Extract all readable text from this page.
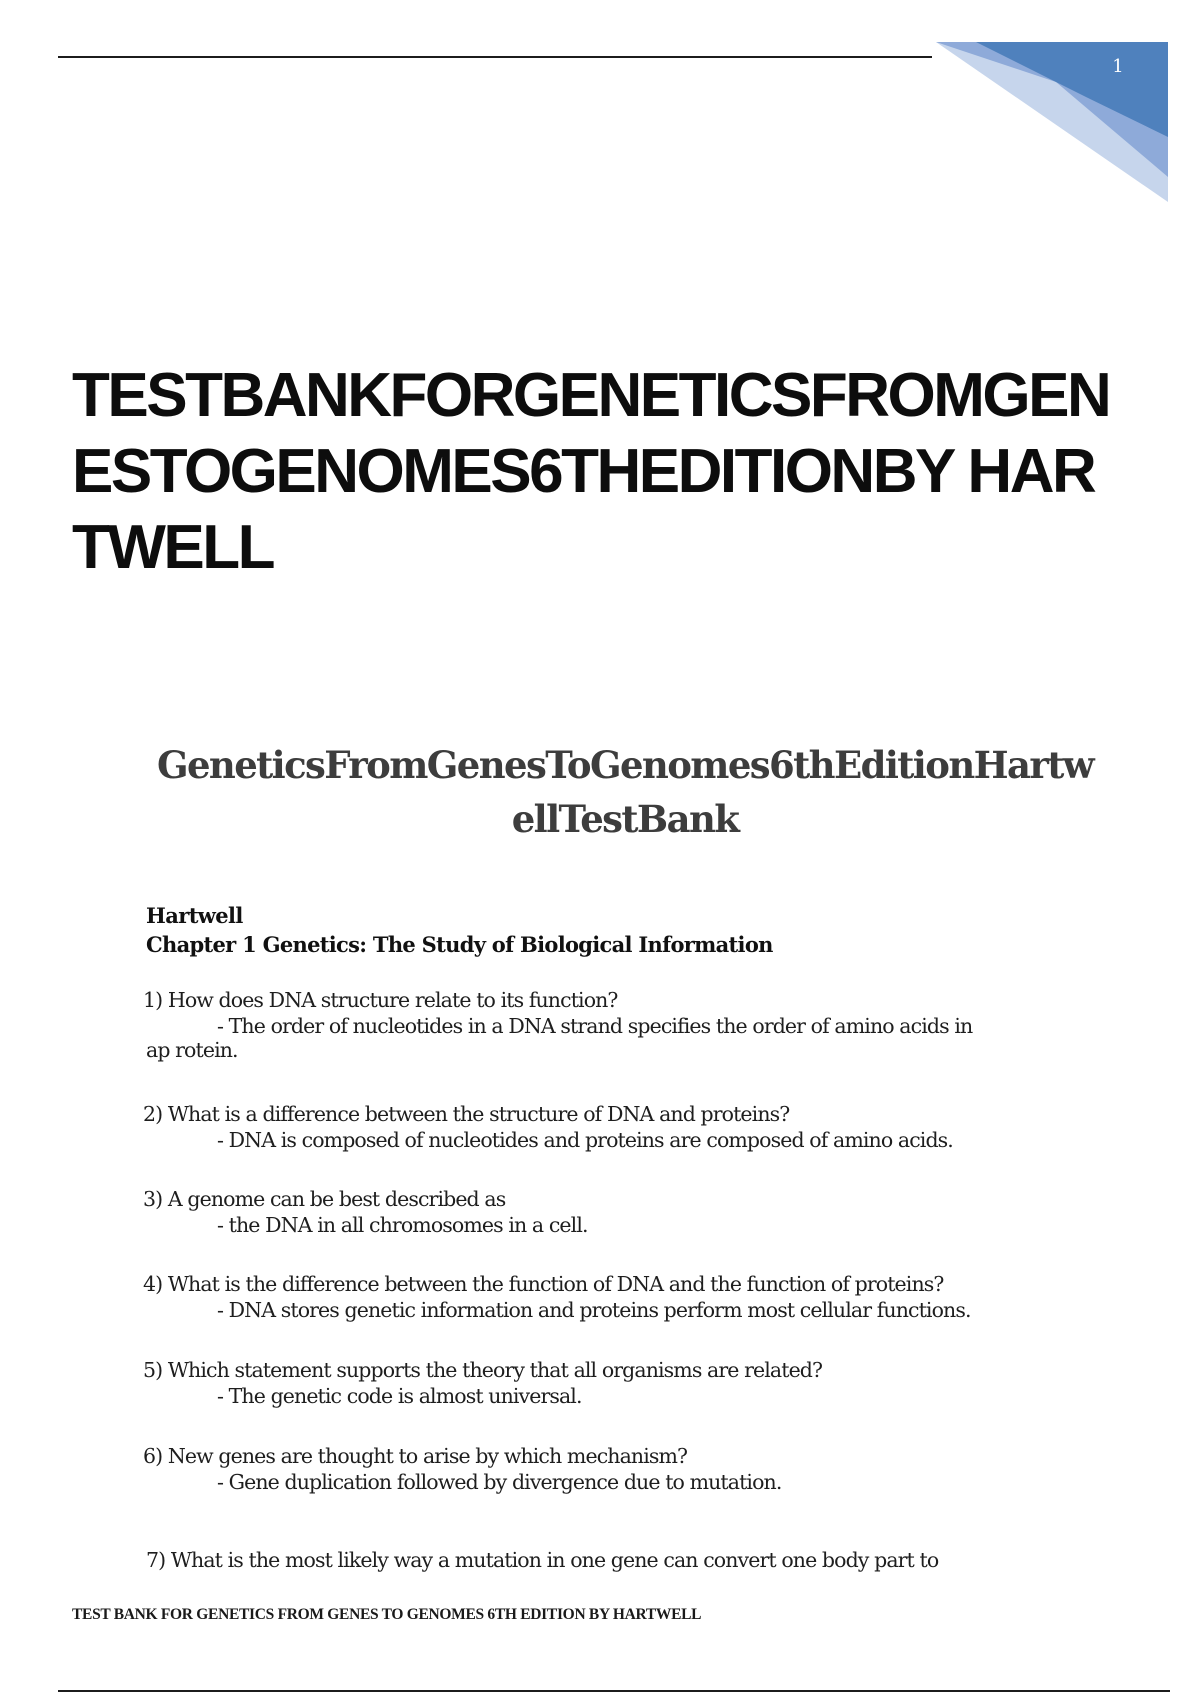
1
TESTBANKFORGENETICSFROMGENESTOGENOMES6THEDITIONBY HARTWELL
GeneticsFromGenesToGenomes6thEditionHartwellTestBank
Hartwell
Chapter 1 Genetics: The Study of Biological Information
1) How does DNA structure relate to its function?
- The order of nucleotides in a DNA strand specifies the order of amino acids in
ap rotein.
2) What is a difference between the structure of DNA and proteins?
- DNA is composed of nucleotides and proteins are composed of amino acids.
3) A genome can be best described as
- the DNA in all chromosomes in a cell.
4) What is the difference between the function of DNA and the function of proteins?
- DNA stores genetic information and proteins perform most cellular functions.
5) Which statement supports the theory that all organisms are related?
- The genetic code is almost universal.
6) New genes are thought to arise by which mechanism?
- Gene duplication followed by divergence due to mutation.
7) What is the most likely way a mutation in one gene can convert one body part to
TEST BANK FOR GENETICS FROM GENES TO GENOMES 6TH EDITION BY HARTWELL
